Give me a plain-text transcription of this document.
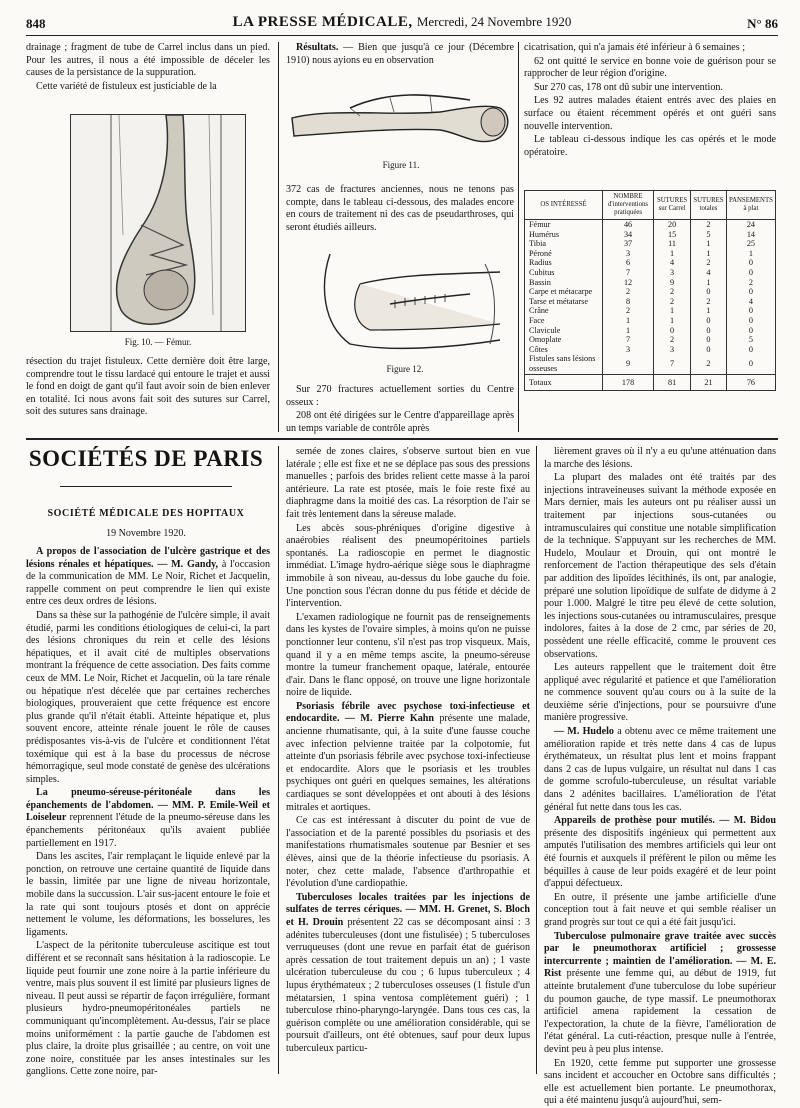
848	LA PRESSE MÉDICALE, Mercredi, 24 Novembre 1920	N° 86

drainage ; fragment de tube de Carrel inclus dans un pied. Pour les autres, il nous a été impossible de déceler les causes de la persistance de la suppuration.

Cette variété de fistuleux est justiciable de la

Fig. 10. — Fémur.

résection du trajet fistuleux. Cette dernière doit être large, comprendre tout le tissu lardacé qui entoure le trajet et aussi le fond en doigt de gant qu'il faut avoir soin de bien enlever en totalité. Ici nous avons fait soit des sutures sur Carrel, soit des sutures sans drainage.

Résultats. — Bien que jusqu'à ce jour (Décembre 1910) nous ayions eu en observation

Figure 11.

372 cas de fractures anciennes, nous ne tenons pas compte, dans le tableau ci-dessous, des malades encore en cours de traitement ni des cas de pseudarthroses, qui seront étudiés ailleurs.

Figure 12.

Sur 270 fractures actuellement sorties du Centre osseux :

208 ont été dirigées sur le Centre d'appareillage après un temps variable de contrôle après

cicatrisation, qui n'a jamais été inférieur à 6 semaines ;

62 ont quitté le service en bonne voie de guérison pour se rapprocher de leur région d'origine.

Sur 270 cas, 178 ont dû subir une intervention.

Les 92 autres malades étaient entrés avec des plaies en surface ou étaient récemment opérés et ont guéri sans nouvelle intervention.

Le tableau ci-dessous indique les cas opérés et le mode opératoire.

OS INTÉRESSÉ	NOMBRE d'interventions pratiquées	SUTURES sur Carrel	SUTURES totales	PANSEMENTS à plat
Fémur	46	20	2	24
Humérus	34	15	5	14
Tibia	37	11	1	25
Péroné	3	1	1	1
Radius	6	4	2	0
Cubitus	7	3	4	0
Bassin	12	9	1	2
Carpe et métacarpe	2	2	0	0
Tarse et métatarse	8	2	2	4
Crâne	2	1	1	0
Face	1	1	0	0
Clavicule	1	0	0	0
Omoplate	7	2	0	5
Côtes	3	3	0	0
Fistules sans lésions osseuses	9	7	2	0
Totaux	178	81	21	76
SOCIÉTÉS DE PARIS
SOCIÉTÉ MÉDICALE DES HOPITAUX
19 Novembre 1920.

A propos de l'association de l'ulcère gastrique et des lésions rénales et hépatiques. — M. Gandy, à l'occasion de la communication de MM. Le Noir, Richet et Jacquelin, rappelle comment on peut comprendre le lien qui existe entre ces deux ordres de lésions.

Dans sa thèse sur la pathogénie de l'ulcère simple, il avait étudié, parmi les conditions étiologiques de celui-ci, la part des lésions chroniques du rein et celle des lésions hépatiques, et il avait cité de multiples observations montrant la fréquence de cette association. Des faits comme ceux de MM. Le Noir, Richet et Jacquelin, où la tare rénale ou hépatique n'est décelée que par certaines recherches biologiques, prouveraient que cette fréquence est encore plus grande qu'il n'était établi. Atteinte hépatique et, plus souvent encore, atteinte rénale jouent le rôle de causes prédisposantes vis-à-vis de l'ulcère et conditionnent l'état toxémique qui est à la base du processus de nécrose hémorragique, seul mode constaté de genèse des ulcérations simples.

La pneumo-séreuse-péritonéale dans les épanchements de l'abdomen. — MM. P. Emile-Weil et Loiseleur reprennent l'étude de la pneumo-séreuse dans les épanchements péritonéaux qu'ils avaient publiée partiellement en 1917.

Dans les ascites, l'air remplaçant le liquide enlevé par la ponction, on retrouve une certaine quantité de liquide dans le bassin, limitée par une ligne de niveau horizontale, mobile dans la succussion. L'air sus-jacent entoure le foie et la rate qui sont toujours ptosés et dont on apprécie nettement le volume, les déformations, les bosselures, les ligaments.

L'aspect de la péritonite tuberculeuse ascitique est tout différent et se reconnaît sans hésitation à la radioscopie. Le liquide peut fournir une zone noire à la partie inférieure du ventre, mais plus souvent il est limité par plusieurs lignes de niveau. Il peut aussi se répartir de façon irrégulière, formant plusieurs hydro-pneumopéritonéales partiels ne communiquant qu'incomplètement. Au-dessus, l'air se place moins uniformément : la partie gauche de l'abdomen est plus claire, la droite plus grisaillée ; au centre, on voit une zone noire, constituée par les anses intestinales sur les ganglions. Cette zone noire, par-

semée de zones claires, s'observe surtout bien en vue latérale ; elle est fixe et ne se déplace pas sous des pressions manuelles ; parfois des brides relient cette masse à la paroi antérieure. La rate est ptosée, mais le foie reste fixé au diaphragme dans la moitié des cas. La résorption de l'air se fait très lentement dans la séreuse malade.

Les abcès sous-phréniques d'origine digestive à anaérobies réalisent des pneumopéritoines partiels spontanés. La radioscopie en permet le diagnostic immédiat. L'image hydro-aérique siège sous le diaphragme immobile à son niveau, au-dessus du lobe gauche du foie. Une ponction sous l'écran donne du pus fétide et décide de l'intervention.

L'examen radiologique ne fournit pas de renseignements dans les kystes de l'ovaire simples, à moins qu'on ne puisse ponctionner leur contenu, s'il n'est pas trop visqueux. Mais, quand il y a en même temps ascite, la pneumo-séreuse montre la tumeur franchement opaque, latérale, entourée d'air. Dans le flanc opposé, on trouve une ligne horizontale noire de liquide.

Psoriasis fébrile avec psychose toxi-infectieuse et endocardite. — M. Pierre Kahn présente une malade, ancienne rhumatisante, qui, à la suite d'une fausse couche avec infection pelvienne traitée par la colpotomie, fut atteinte d'un psoriasis fébrile avec psychose toxi-infectieuse et endocardite. Alors que le psoriasis et les troubles psychiques ont guéri en quelques semaines, les altérations cardiaques se sont développées et ont abouti à des lésions mitrales et aortiques.

Ce cas est intéressant à discuter du point de vue de l'association et de la parenté possibles du psoriasis et des manifestations rhumatismales soutenue par Besnier et ses élèves, ainsi que de la théorie infectieuse du psoriasis. A noter, chez cette malade, l'absence d'arthropathie et l'évolution d'une cardiopathie.

Tuberculoses locales traitées par les injections de sulfates de terres cériques. — MM. H. Grenet, S. Bloch et H. Drouin présentent 22 cas se décomposant ainsi : 3 adénites tuberculeuses (dont une fistulisée) ; 5 tuberculoses verruqueuses (dont une revue en parfait état de guérison après cessation de tout traitement depuis un an) ; 1 vaste ulcération tuberculeuse du cou ; 6 lupus tuberculeux ; 4 lupus érythémateux ; 2 tuberculoses osseuses (1 fistule d'un métatarsien, 1 spina ventosa complètement guéri) ; 1 tuberculose rhino-pharyngo-laryngée. Dans tous ces cas, la guérison complète ou une amélioration considérable, qui se poursuit d'ailleurs, ont été obtenues, sauf pour deux lupus tuberculeux particu-

lièrement graves où il n'y a eu qu'une atténuation dans la marche des lésions.

La plupart des malades ont été traités par des injections intraveineuses suivant la méthode exposée en Mars dernier, mais les auteurs ont pu réaliser aussi un traitement par injections sous-cutanées ou intramusculaires qui constitue une notable simplification de la technique. S'appuyant sur les recherches de MM. Hudelo, Moulaur et Drouin, qui ont montré le renforcement de l'action thérapeutique des sels d'étain par addition des lipoïdes lécithinés, ils ont, par analogie, préparé une solution lipoïdique de sulfate de didyme à 2 pour 1.000. Malgré le titre peu élevé de cette solution, les injections sous-cutanées ou intramusculaires, presque indolores, faites à la dose de 2 cmc, par séries de 20, possèdent une réelle efficacité, comme le prouvent ces observations.

Les auteurs rappellent que le traitement doit être appliqué avec régularité et patience et que l'amélioration ne commence souvent qu'au cours ou à la suite de la deuxième série d'injections, pour se poursuivre d'une manière progressive.

— M. Hudelo a obtenu avec ce même traitement une amélioration rapide et très nette dans 4 cas de lupus érythémateux, un résultat plus lent et moins frappant dans 2 cas de lupus vulgaire, un résultat nul dans 1 cas de gomme scrofulo-tuberculeuse, un résultat variable dans 2 adénites bacillaires. L'amélioration de l'état général fut nette dans tous les cas.

Appareils de prothèse pour mutilés. — M. Bidou présente des dispositifs ingénieux qui permettent aux amputés l'utilisation des membres artificiels qui leur ont été fournis et auxquels il préfèrent le pilon ou même les béquilles à cause de leur poids exagéré et de leur point d'appui défectueux.

En outre, il présente une jambe artificielle d'une conception tout à fait neuve et qui semble réaliser un grand progrès sur tout ce qui a été fait jusqu'ici.

Tuberculose pulmonaire grave traitée avec succès par le pneumothorax artificiel ; grossesse intercurrente ; maintien de l'amélioration. — M. E. Rist présente une femme qui, au début de 1919, fut atteinte brutalement d'une tuberculose du lobe supérieur du poumon gauche, de type massif. Le pneumothorax artificiel amena rapidement la cessation de l'expectoration, la chute de la fièvre, l'amélioration de l'état général. La cuti-réaction, presque nulle à l'entrée, devint peu à peu plus intense.

En 1920, cette femme put supporter une grossesse sans incident et accoucher en Octobre sans difficultés ; elle est actuellement bien portante. Le pneumothorax, qui a été maintenu jusqu'à aujourd'hui, sem-
